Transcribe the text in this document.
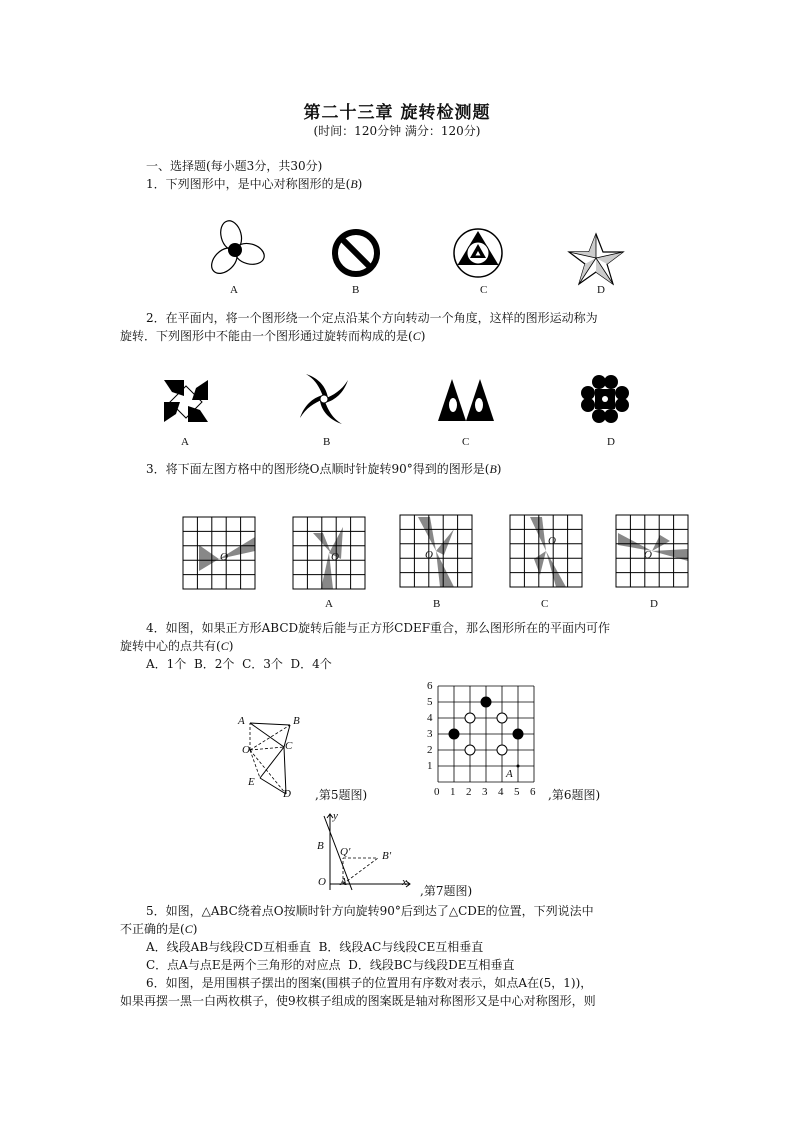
第二十三章 旋转检测题
(时间：120分钟 满分：120分)
一、选择题(每小题3分，共30分)
1．下列图形中，是中心对称图形的是(B)
A	B	C	D
2．在平面内，将一个图形绕一个定点沿某个方向转动一个角度，这样的图形运动称为
旋转．下列图形中不能由一个图形通过旋转而构成的是(C)
A	B	C	D
3．将下面左图方格中的图形绕O点顺时针旋转90°得到的图形是(B)
O	O	O
O
O
A	B	C	D
4．如图，如果正方形ABCD旋转后能与正方形CDEF重合，那么图形所在的平面内可作
旋转中心的点共有(C)
A．1个 B．2个 C．3个 D．4个
A	B
C
O
E
D ,第5题图)
6
5
4
3
2
1
0 1 2 3 4 5 6
A
,第6题图)
y
B Q′	B′
O A	x
,第7题图)
5．如图，△ABC绕着点O按顺时针方向旋转90°后到达了△CDE的位置，下列说法中
不正确的是(C)
A．线段AB与线段CD互相垂直 B．线段AC与线段CE互相垂直
C．点A与点E是两个三角形的对应点 D．线段BC与线段DE互相垂直
6．如图，是用围棋子摆出的图案(围棋子的位置用有序数对表示，如点A在(5，1))，
如果再摆一黑一白两枚棋子，使9枚棋子组成的图案既是轴对称图形又是中心对称图形，则
